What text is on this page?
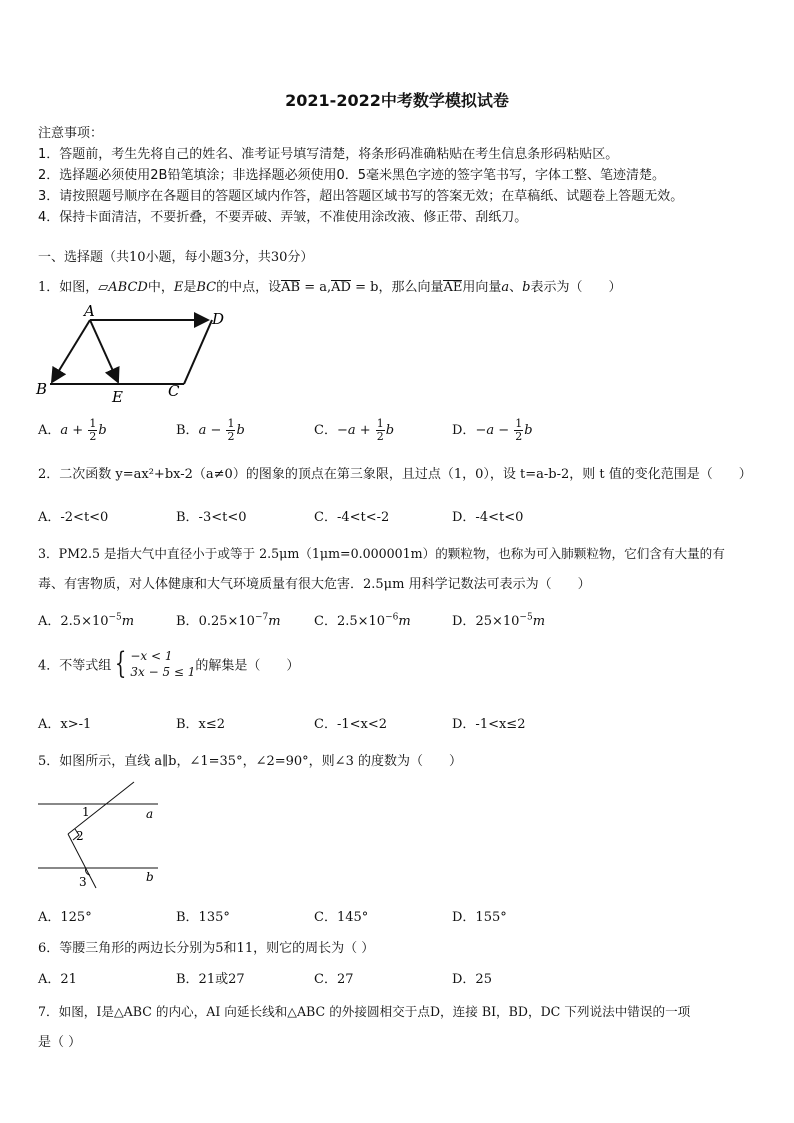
2021-2022中考数学模拟试卷
注意事项：
1．答题前，考生先将自己的姓名、准考证号填写清楚，将条形码准确粘贴在考生信息条形码粘贴区。
2．选择题必须使用2B铅笔填涂；非选择题必须使用0．5毫米黑色字迹的签字笔书写，字体工整、笔迹清楚。
3．请按照题号顺序在各题目的答题区域内作答，超出答题区域书写的答案无效；在草稿纸、试题卷上答题无效。
4．保持卡面清洁，不要折叠，不要弄破、弄皱，不准使用涂改液、修正带、刮纸刀。
一、选择题（共10小题，每小题3分，共30分）
1．如图，▱ABCD中，E是BC的中点，设AB = a,AD = b，那么向量AE用向量a、b表示为（　　）
A	D
B	E	C
A．$a + \frac{1}{2}$ b	B．$a - \frac{1}{2}$ b	C．$-a + \frac{1}{2}$ b	D．$-a - \frac{1}{2}$ b
2．二次函数 y=ax²+bx-2（a≠0）的图象的顶点在第三象限，且过点（1，0），设 t=a-b-2，则 t 值的变化范围是（　　）
A．-2<t<0	B．-3<t<0	C．-4<t<-2	D．-4<t<0
3．PM2.5 是指大气中直径小于或等于 2.5μm（1μm=0.000001m）的颗粒物，也称为可入肺颗粒物，它们含有大量的有
毒、有害物质，对人体健康和大气环境质量有很大危害．2.5μm 用科学记数法可表示为（　　）
A．$2.5\times 10^{-5}m$	B．$0.25\times 10^{-7}m$	C．$2.5\times 10^{-6}m$	D．$25\times 10^{-5}m$
4．不等式组 { −x < 1
3x − 5 ≤ 1 的解集是（　　）
A．x>-1	B．x≤2	C．-1<x<2	D．-1<x≤2
5．如图所示，直线 a∥b，∠1=35°，∠2=90°，则∠3 的度数为（　　）
1
2
3
a
b
A．125°	B．135°	C．145°	D．155°
6．等腰三角形的两边长分别为5和11，则它的周长为（ ）
A．21	B．21或27	C．27	D．25
7．如图，I是△ABC 的内心，AI 向延长线和△ABC 的外接圆相交于点D，连接 BI，BD，DC 下列说法中错误的一项
是（ ）
